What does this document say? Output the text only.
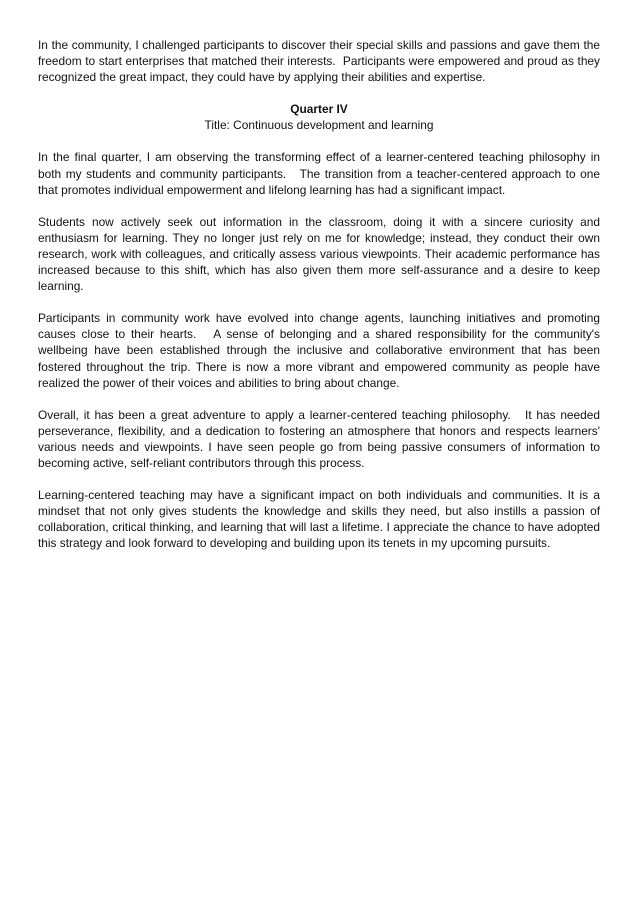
In the community, I challenged participants to discover their special skills and passions and gave them the freedom to start enterprises that matched their interests.  Participants were empowered and proud as they recognized the great impact, they could have by applying their abilities and expertise.

Quarter IV
Title: Continuous development and learning

In the final quarter, I am observing the transforming effect of a learner-centered teaching philosophy in both my students and community participants.   The transition from a teacher-centered approach to one that promotes individual empowerment and lifelong learning has had a significant impact.

Students now actively seek out information in the classroom, doing it with a sincere curiosity and enthusiasm for learning. They no longer just rely on me for knowledge; instead, they conduct their own research, work with colleagues, and critically assess various viewpoints. Their academic performance has increased because to this shift, which has also given them more self-assurance and a desire to keep learning.

Participants in community work have evolved into change agents, launching initiatives and promoting causes close to their hearts.   A sense of belonging and a shared responsibility for the community's wellbeing have been established through the inclusive and collaborative environment that has been fostered throughout the trip. There is now a more vibrant and empowered community as people have realized the power of their voices and abilities to bring about change.

Overall, it has been a great adventure to apply a learner-centered teaching philosophy.   It has needed perseverance, flexibility, and a dedication to fostering an atmosphere that honors and respects learners' various needs and viewpoints. I have seen people go from being passive consumers of information to becoming active, self-reliant contributors through this process.

Learning-centered teaching may have a significant impact on both individuals and communities. It is a mindset that not only gives students the knowledge and skills they need, but also instills a passion of collaboration, critical thinking, and learning that will last a lifetime. I appreciate the chance to have adopted this strategy and look forward to developing and building upon its tenets in my upcoming pursuits.
